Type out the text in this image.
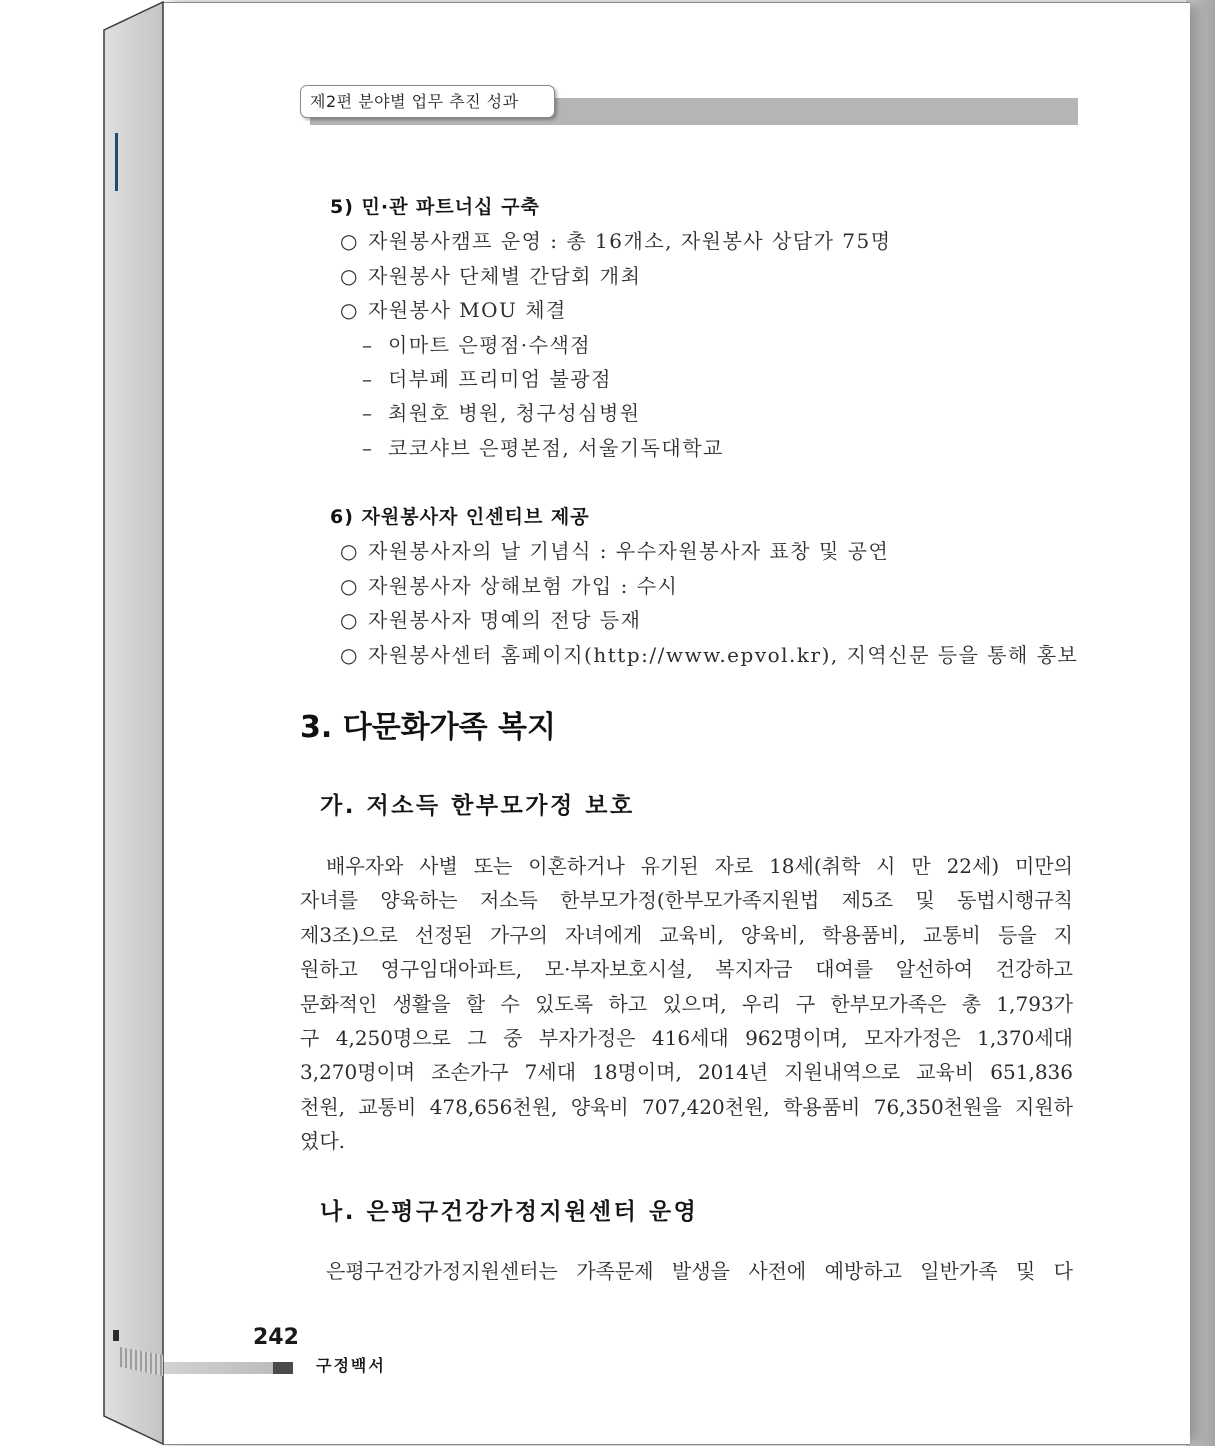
제2편 분야별 업무 추진 성과
5) 민·관 파트너십 구축
○ 자원봉사캠프 운영 : 총 16개소, 자원봉사 상담가 75명
○ 자원봉사 단체별 간담회 개최
○ 자원봉사 MOU 체결
– 이마트 은평점·수색점
– 더부페 프리미엄 불광점
– 최원호 병원, 청구성심병원
– 코코샤브 은평본점, 서울기독대학교
6) 자원봉사자 인센티브 제공
○ 자원봉사자의 날 기념식 : 우수자원봉사자 표창 및 공연
○ 자원봉사자 상해보험 가입 : 수시
○ 자원봉사자 명예의 전당 등재
○ 자원봉사센터 홈페이지(http://www.epvol.kr), 지역신문 등을 통해 홍보
3. 다문화가족 복지
가. 저소득 한부모가정 보호
배우자와 사별 또는 이혼하거나 유기된 자로 18세(취학 시 만 22세) 미만의
자녀를 양육하는 저소득 한부모가정(한부모가족지원법 제5조 및 동법시행규칙
제3조)으로 선정된 가구의 자녀에게 교육비, 양육비, 학용품비, 교통비 등을 지
원하고 영구임대아파트, 모·부자보호시설, 복지자금 대여를 알선하여 건강하고
문화적인 생활을 할 수 있도록 하고 있으며, 우리 구 한부모가족은 총 1,793가
구 4,250명으로 그 중 부자가정은 416세대 962명이며, 모자가정은 1,370세대
3,270명이며 조손가구 7세대 18명이며, 2014년 지원내역으로 교육비 651,836
천원, 교통비 478,656천원, 양육비 707,420천원, 학용품비 76,350천원을 지원하
였다.
나. 은평구건강가정지원센터 운영
은평구건강가정지원센터는 가족문제 발생을 사전에 예방하고 일반가족 및 다
242
구정백서
